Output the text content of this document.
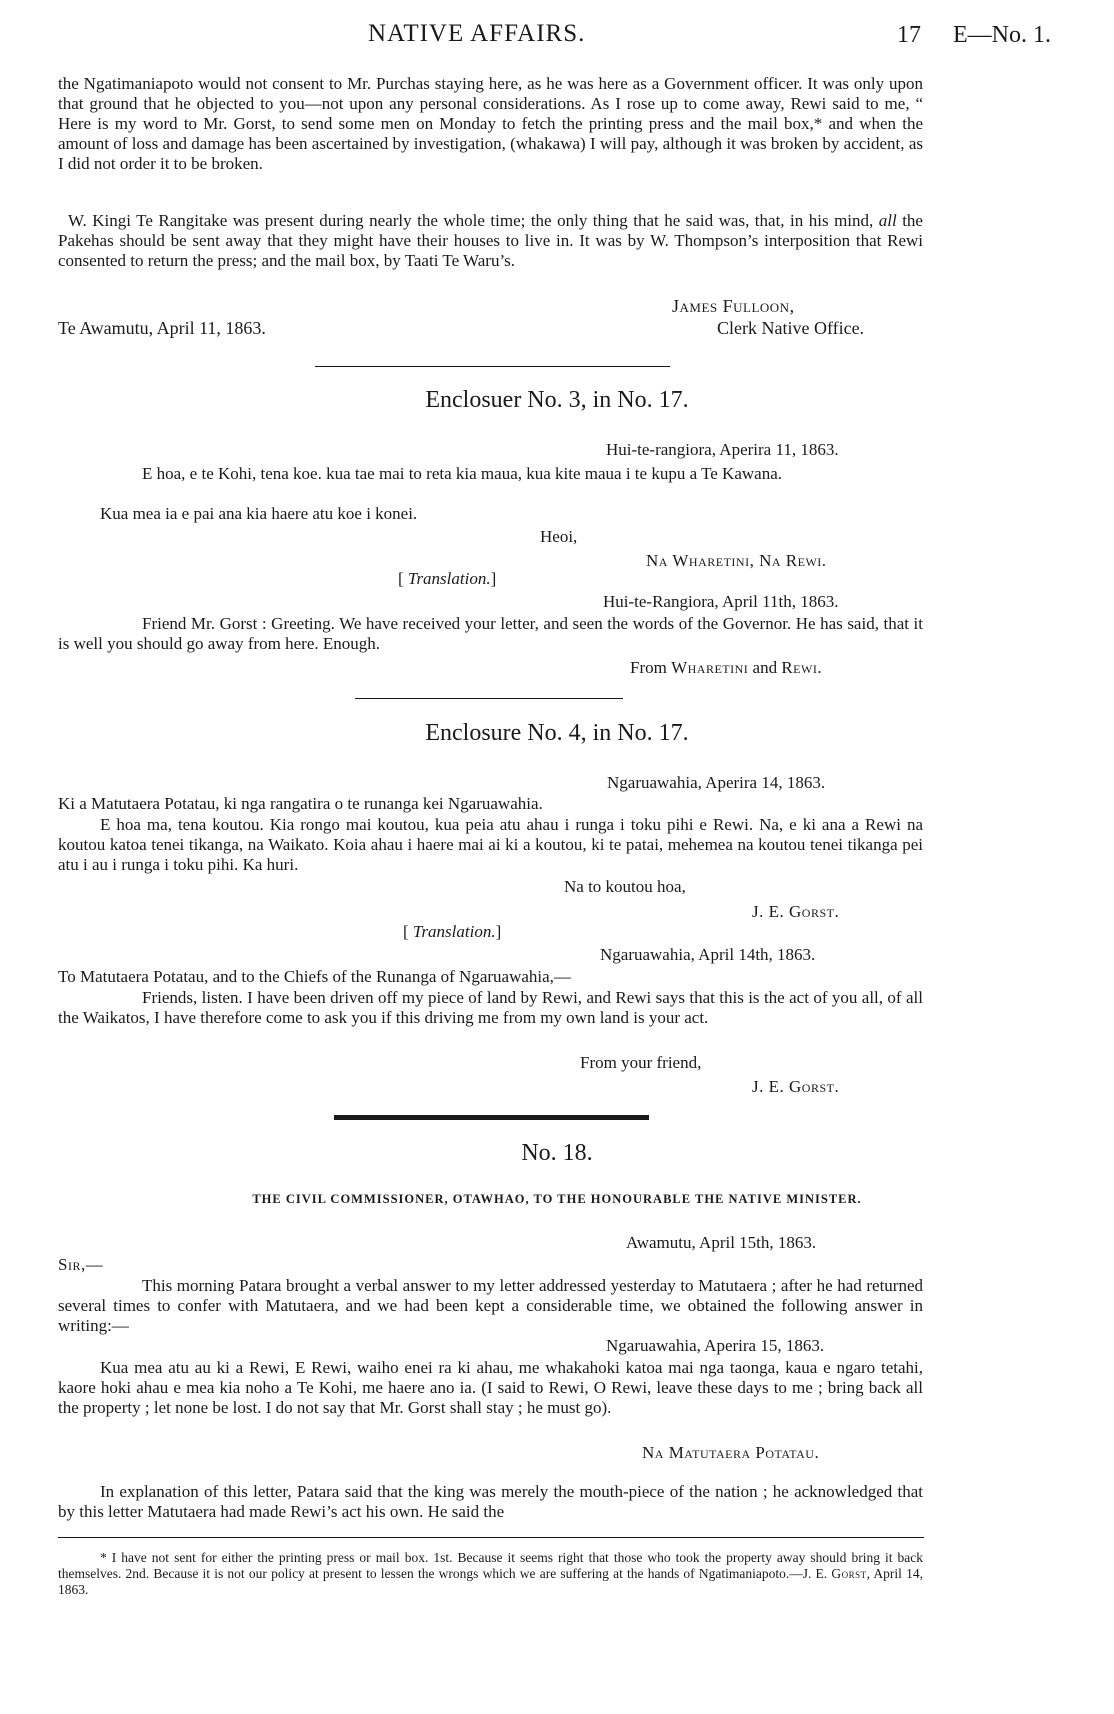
NATIVE AFFAIRS.	17 E—No. 1.
the Ngatimaniapoto would not consent to Mr. Purchas staying here, as he was here as a Government officer. It was only upon that ground that he objected to you—not upon any personal considerations. As I rose up to come away, Rewi said to me, “ Here is my word to Mr. Gorst, to send some men on Monday to fetch the printing press and the mail box,* and when the amount of loss and damage has been ascertained by investigation, (whakawa) I will pay, although it was broken by accident, as I did not order it to be broken.
W. Kingi Te Rangitake was present during nearly the whole time; the only thing that he said was, that, in his mind, all the Pakehas should be sent away that they might have their houses to live in. It was by W. Thompson’s interposition that Rewi consented to return the press; and the mail box, by Taati Te Waru’s.
James Fulloon,
Clerk Native Office.
Te Awamutu, April 11, 1863.
Enclosuer No. 3, in No. 17.
Hui-te-rangiora, Aperira 11, 1863.
E hoa, e te Kohi, tena koe. kua tae mai to reta kia maua, kua kite maua i te kupu a Te Kawana.
Kua mea ia e pai ana kia haere atu koe i konei.
Heoi,
Na Wharetini, Na Rewi.
[ Translation.]
Hui-te-Rangiora, April 11th, 1863.
Friend Mr. Gorst : Greeting. We have received your letter, and seen the words of the Governor. He has said, that it is well you should go away from here. Enough.
From Wharetini and Rewi.
Enclosure No. 4, in No. 17.
Ngaruawahia, Aperira 14, 1863.
Ki a Matutaera Potatau, ki nga rangatira o te runanga kei Ngaruawahia.
E hoa ma, tena koutou. Kia rongo mai koutou, kua peia atu ahau i runga i toku pihi e Rewi. Na, e ki ana a Rewi na koutou katoa tenei tikanga, na Waikato. Koia ahau i haere mai ai ki a koutou, ki te patai, mehemea na koutou tenei tikanga pei atu i au i runga i toku pihi. Ka huri.
Na to koutou hoa,
J. E. Gorst.
[ Translation.]
Ngaruawahia, April 14th, 1863.
To Matutaera Potatau, and to the Chiefs of the Runanga of Ngaruawahia,—
Friends, listen. I have been driven off my piece of land by Rewi, and Rewi says that this is the act of you all, of all the Waikatos, I have therefore come to ask you if this driving me from my own land is your act.
From your friend,
J. E. Gorst.
No. 18.
THE CIVIL COMMISSIONER, OTAWHAO, TO THE HONOURABLE THE NATIVE MINISTER.
Awamutu, April 15th, 1863.
Sir,—
This morning Patara brought a verbal answer to my letter addressed yesterday to Matutaera ; after he had returned several times to confer with Matutaera, and we had been kept a considerable time, we obtained the following answer in writing:—
Ngaruawahia, Aperira 15, 1863.
Kua mea atu au ki a Rewi, E Rewi, waiho enei ra ki ahau, me whakahoki katoa mai nga taonga, kaua e ngaro tetahi, kaore hoki ahau e mea kia noho a Te Kohi, me haere ano ia. (I said to Rewi, O Rewi, leave these days to me ; bring back all the property ; let none be lost. I do not say that Mr. Gorst shall stay ; he must go).
Na Matutaera Potatau.
In explanation of this letter, Patara said that the king was merely the mouth-piece of the nation ; he acknowledged that by this letter Matutaera had made Rewi’s act his own. He said the
* I have not sent for either the printing press or mail box. 1st. Because it seems right that those who took the property away should bring it back themselves. 2nd. Because it is not our policy at present to lessen the wrongs which we are suffering at the hands of Ngatimaniapoto.—J. E. Gorst, April 14, 1863.
